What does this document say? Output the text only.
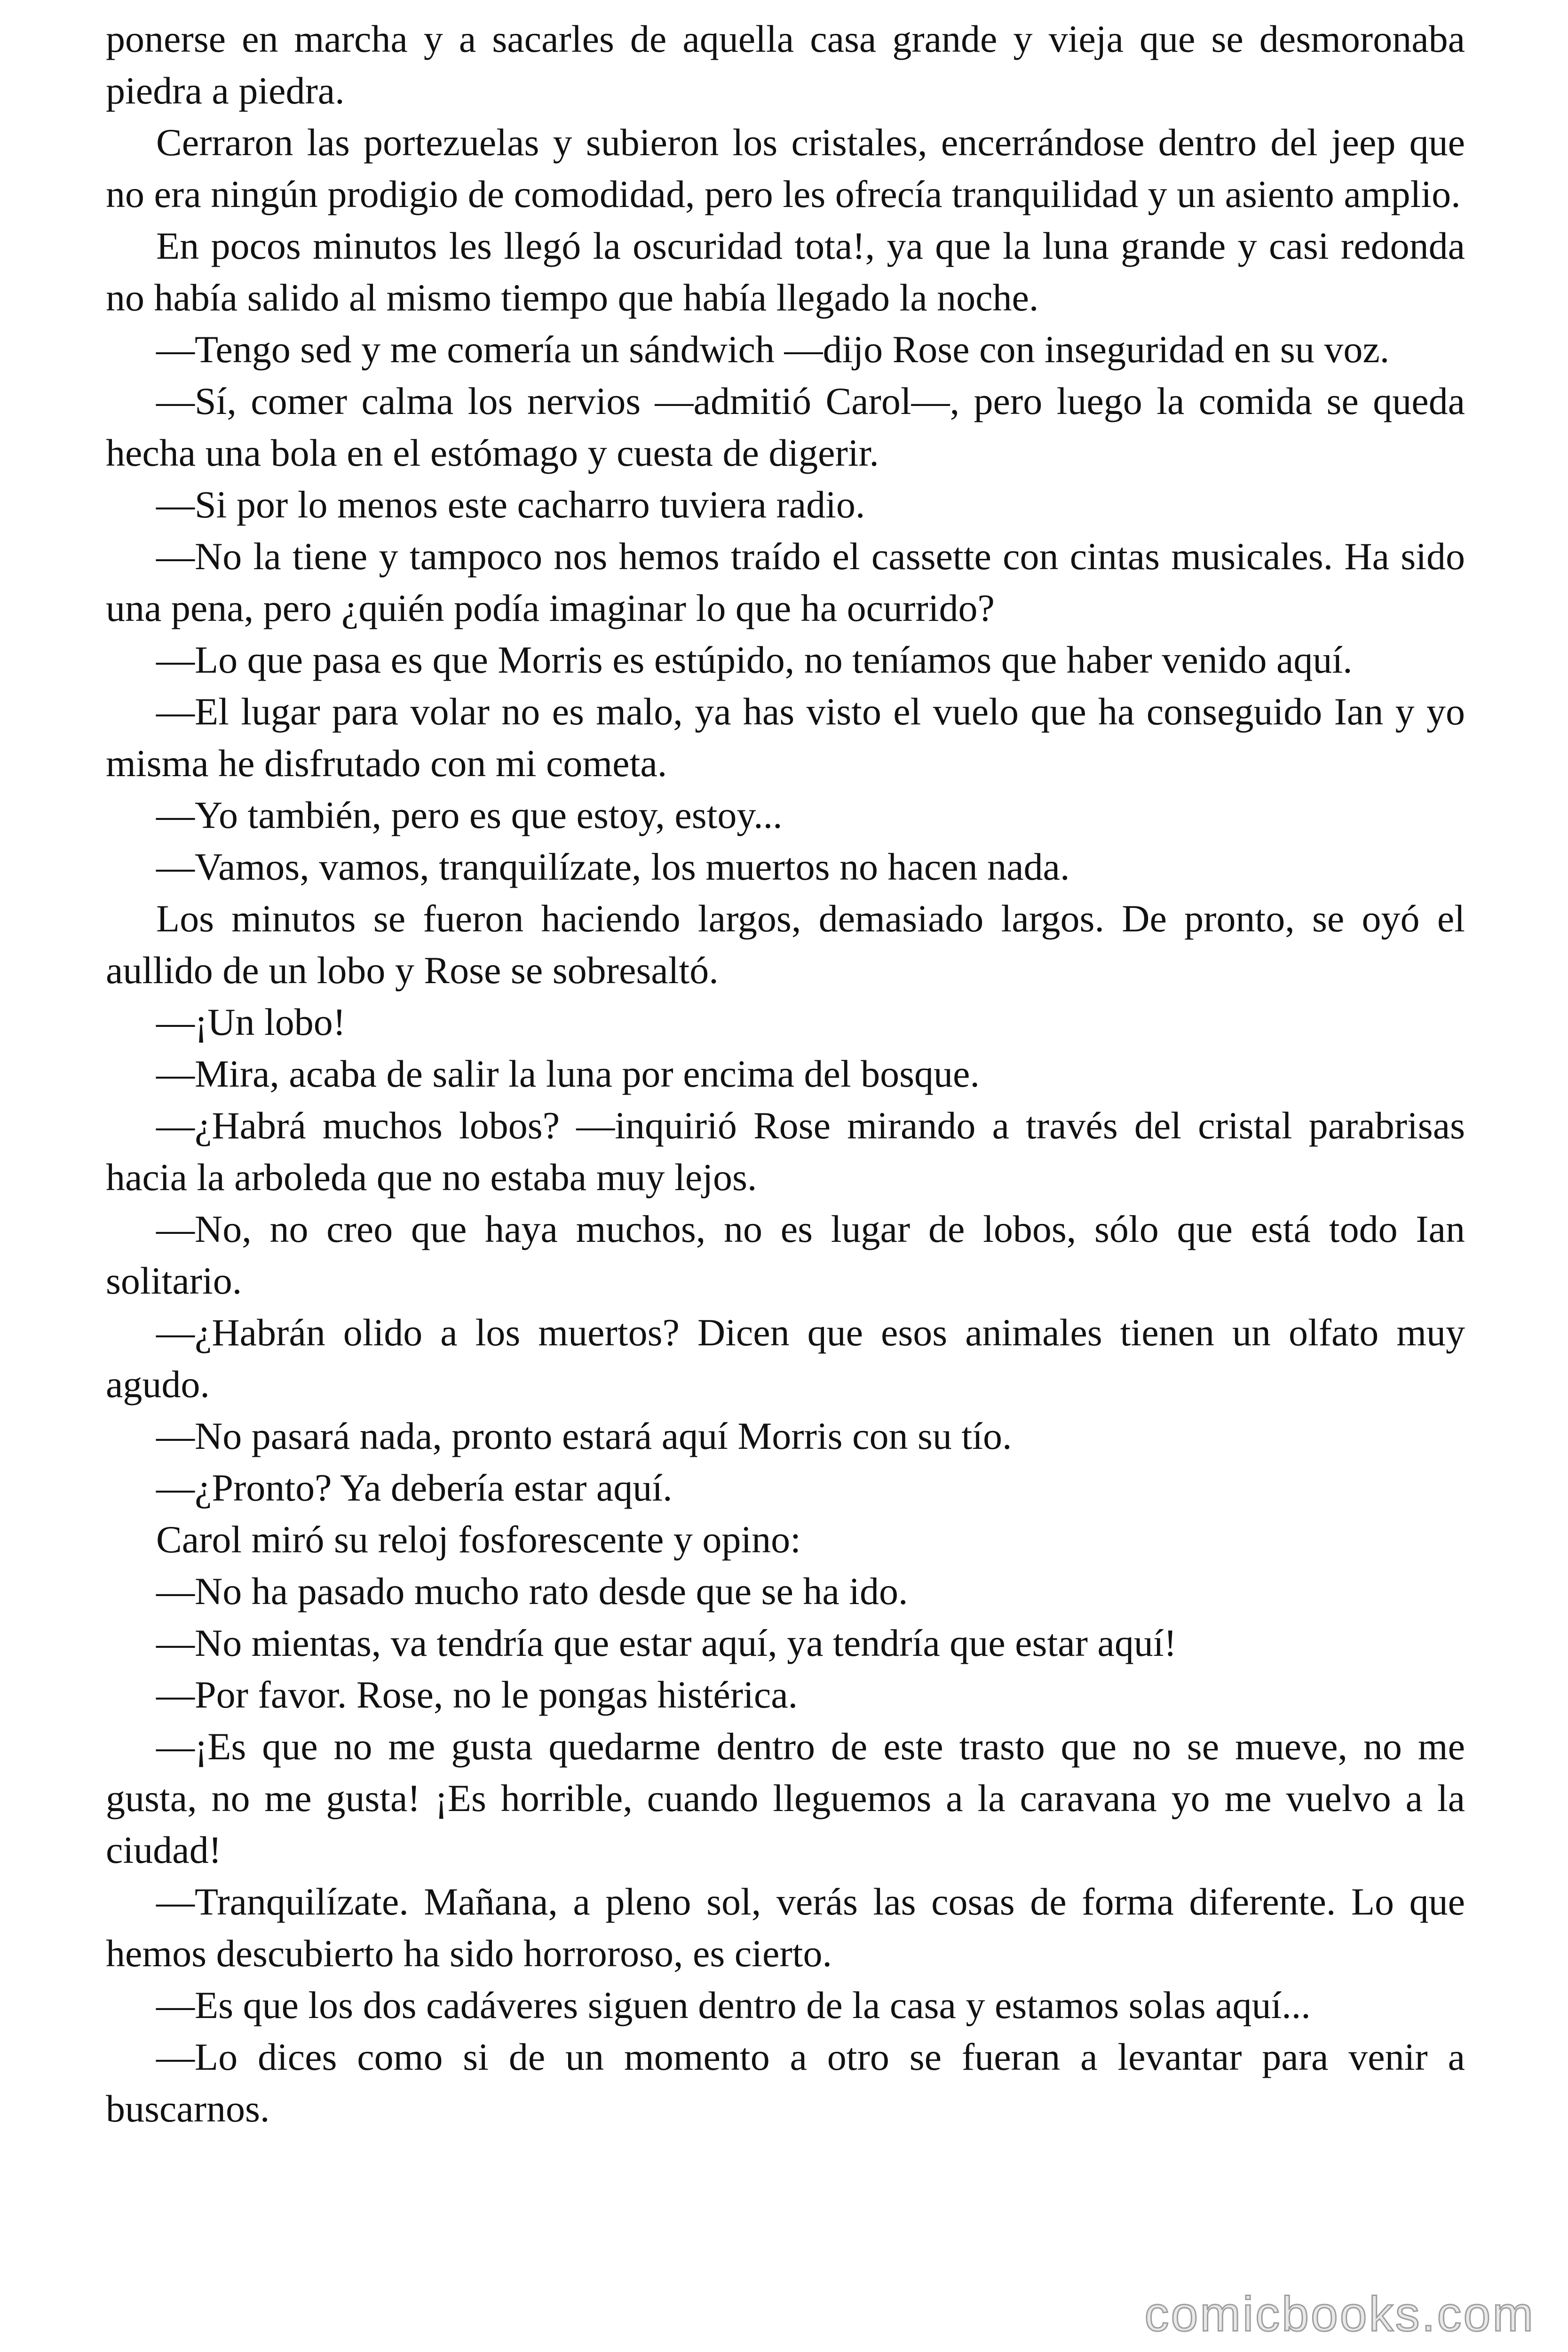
ponerse en marcha y a sacarles de aquella casa grande y vieja que se desmoronaba piedra a piedra.

Cerraron las portezuelas y subieron los cristales, encerrándose dentro del jeep que no era ningún prodigio de comodidad, pero les ofrecía tranquilidad y un asiento amplio.

En pocos minutos les llegó la oscuridad tota!, ya que la luna grande y casi redonda no había salido al mismo tiempo que había llegado la noche.

—Tengo sed y me comería un sándwich —dijo Rose con inseguridad en su voz.

—Sí, comer calma los nervios —admitió Carol—, pero luego la comida se queda hecha una bola en el estómago y cuesta de digerir.

—Si por lo menos este cacharro tuviera radio.

—No la tiene y tampoco nos hemos traído el cassette con cintas musicales. Ha sido una pena, pero ¿quién podía imaginar lo que ha ocurrido?

—Lo que pasa es que Morris es estúpido, no teníamos que haber venido aquí.

—El lugar para volar no es malo, ya has visto el vuelo que ha conseguido Ian y yo misma he disfrutado con mi cometa.

—Yo también, pero es que estoy, estoy...

—Vamos, vamos, tranquilízate, los muertos no hacen nada.

Los minutos se fueron haciendo largos, demasiado largos. De pronto, se oyó el aullido de un lobo y Rose se sobresaltó.

—¡Un lobo!

—Mira, acaba de salir la luna por encima del bosque.

—¿Habrá muchos lobos? —inquirió Rose mirando a través del cristal parabrisas hacia la arboleda que no estaba muy lejos.

—No, no creo que haya muchos, no es lugar de lobos, sólo que está todo Ian solitario.

—¿Habrán olido a los muertos? Dicen que esos animales tienen un olfato muy agudo.

—No pasará nada, pronto estará aquí Morris con su tío.

—¿Pronto? Ya debería estar aquí.

Carol miró su reloj fosforescente y opino:

—No ha pasado mucho rato desde que se ha ido.

—No mientas, va tendría que estar aquí, ya tendría que estar aquí!

—Por favor. Rose, no le pongas histérica.

—¡Es que no me gusta quedarme dentro de este trasto que no se mueve, no me gusta, no me gusta! ¡Es horrible, cuando lleguemos a la caravana yo me vuelvo a la ciudad!

—Tranquilízate. Mañana, a pleno sol, verás las cosas de forma diferente. Lo que hemos descubierto ha sido horroroso, es cierto.

—Es que los dos cadáveres siguen dentro de la casa y estamos solas aquí...

—Lo dices como si de un momento a otro se fueran a levantar para venir a buscarnos.

comicbooks.com
